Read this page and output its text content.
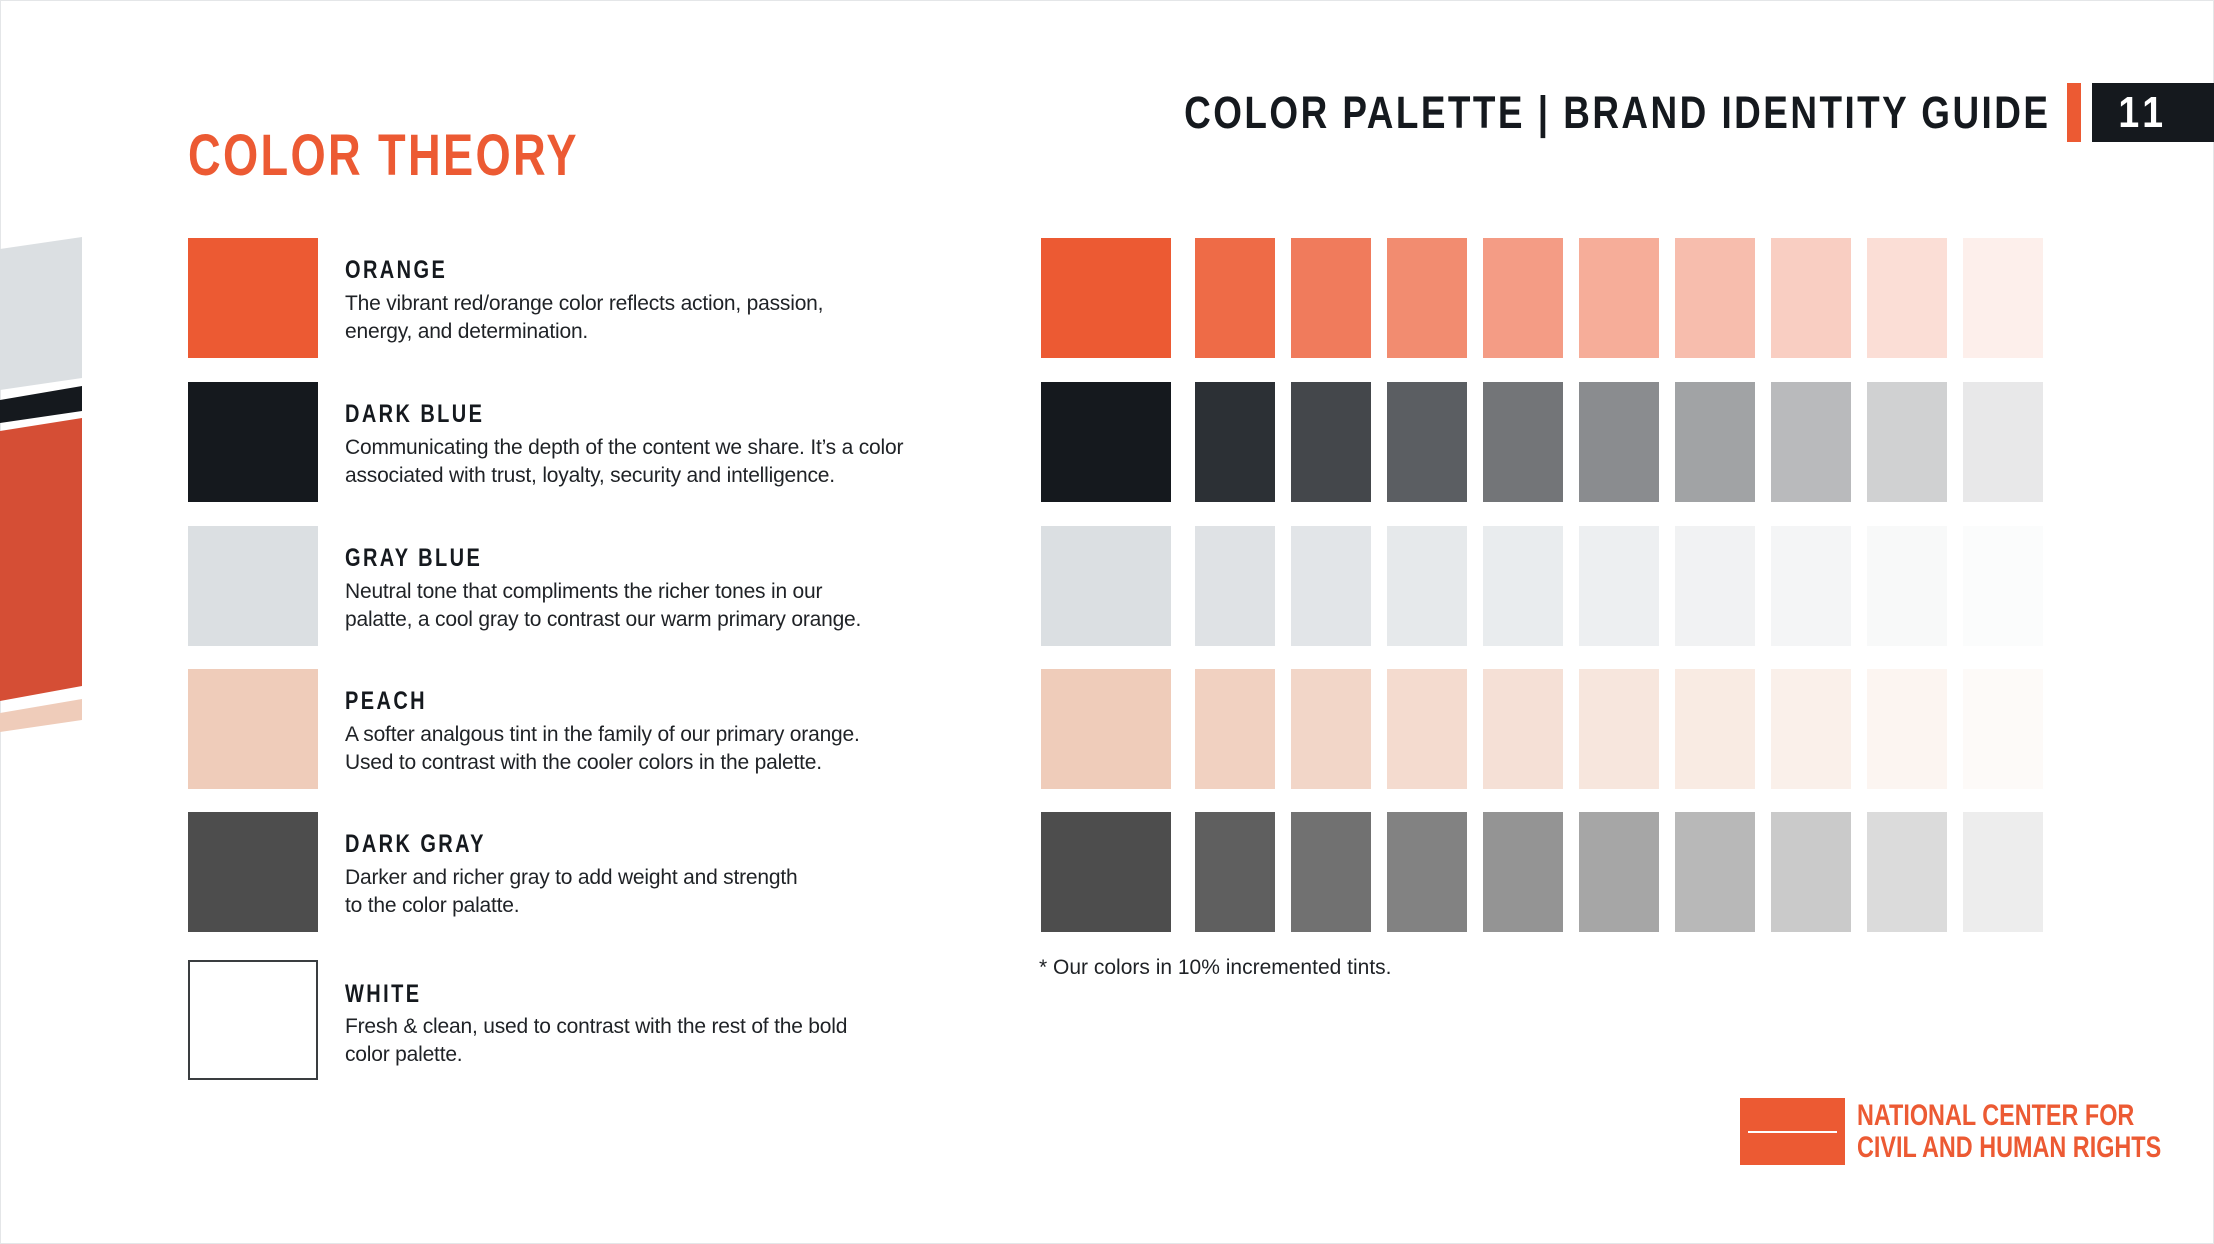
COLOR PALETTE | BRAND IDENTITY GUIDE 11
COLOR THEORY
ORANGE
The vibrant red/orange color reflects action, passion,
energy, and determination.
DARK BLUE
Communicating the depth of the content we share. It’s a color
associated with trust, loyalty, security and intelligence.
GRAY BLUE
Neutral tone that compliments the richer tones in our
palatte, a cool gray to contrast our warm primary orange.
PEACH
A softer analgous tint in the family of our primary orange.
Used to contrast with the cooler colors in the palette.
DARK GRAY
Darker and richer gray to add weight and strength
to the color palatte.
WHITE
Fresh & clean, used to contrast with the rest of the bold
color palette.
* Our colors in 10% incremented tints.
NATIONAL CENTER FOR
CIVIL AND HUMAN RIGHTS
